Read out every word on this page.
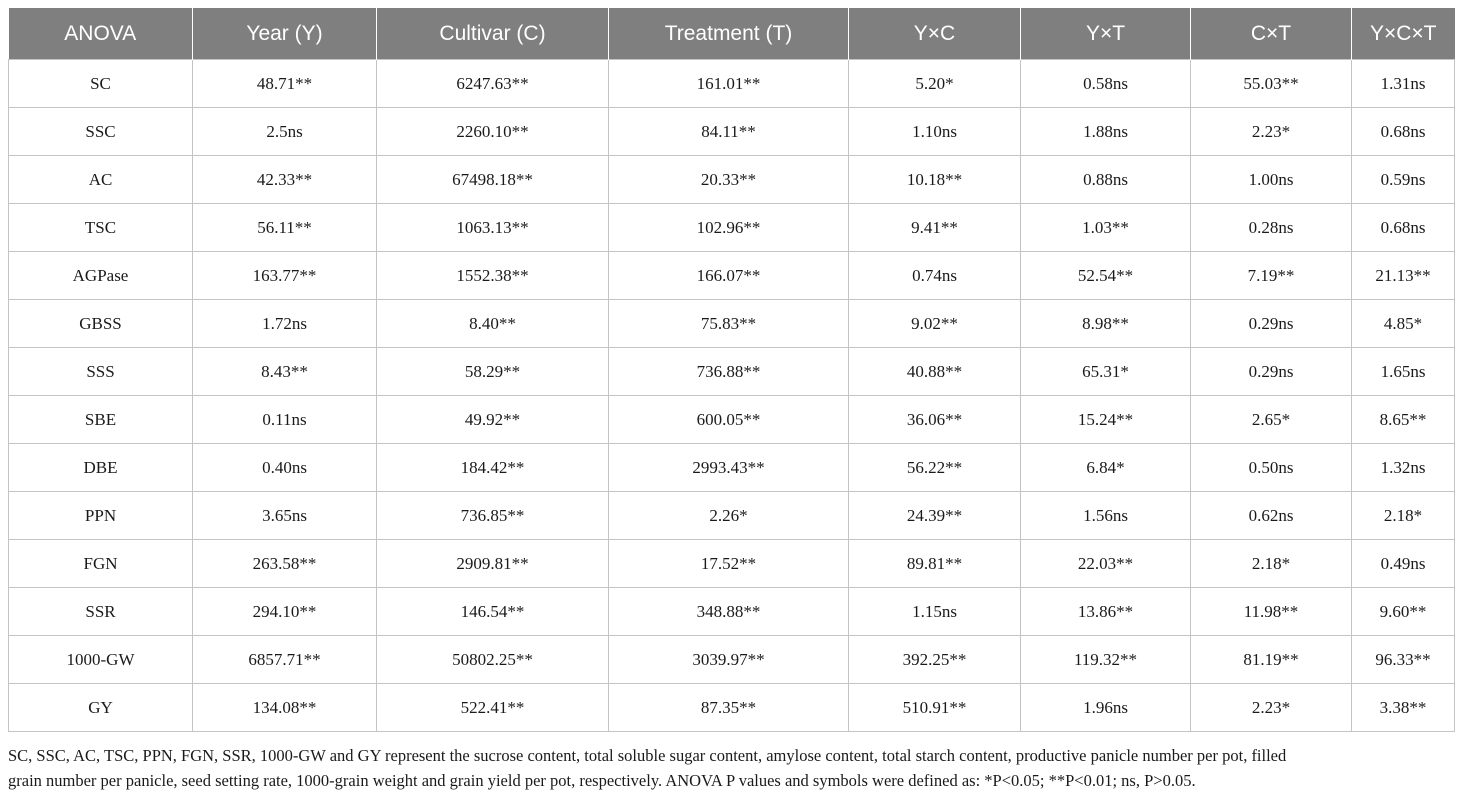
ANOVA	Year (Y)	Cultivar (C)	Treatment (T)	Y×C	Y×T	C×T	Y×C×T
SC	48.71**	6247.63**	161.01**	5.20*	0.58ns	55.03**	1.31ns
SSC	2.5ns	2260.10**	84.11**	1.10ns	1.88ns	2.23*	0.68ns
AC	42.33**	67498.18**	20.33**	10.18**	0.88ns	1.00ns	0.59ns
TSC	56.11**	1063.13**	102.96**	9.41**	1.03**	0.28ns	0.68ns
AGPase	163.77**	1552.38**	166.07**	0.74ns	52.54**	7.19**	21.13**
GBSS	1.72ns	8.40**	75.83**	9.02**	8.98**	0.29ns	4.85*
SSS	8.43**	58.29**	736.88**	40.88**	65.31*	0.29ns	1.65ns
SBE	0.11ns	49.92**	600.05**	36.06**	15.24**	2.65*	8.65**
DBE	0.40ns	184.42**	2993.43**	56.22**	6.84*	0.50ns	1.32ns
PPN	3.65ns	736.85**	2.26*	24.39**	1.56ns	0.62ns	2.18*
FGN	263.58**	2909.81**	17.52**	89.81**	22.03**	2.18*	0.49ns
SSR	294.10**	146.54**	348.88**	1.15ns	13.86**	11.98**	9.60**
1000-GW	6857.71**	50802.25**	3039.97**	392.25**	119.32**	81.19**	96.33**
GY	134.08**	522.41**	87.35**	510.91**	1.96ns	2.23*	3.38**
SC, SSC, AC, TSC, PPN, FGN, SSR, 1000-GW and GY represent the sucrose content, total soluble sugar content, amylose content, total starch content, productive panicle number per pot, filled
grain number per panicle, seed setting rate, 1000-grain weight and grain yield per pot, respectively. ANOVA P values and symbols were defined as: *P<0.05; **P<0.01; ns, P>0.05.
